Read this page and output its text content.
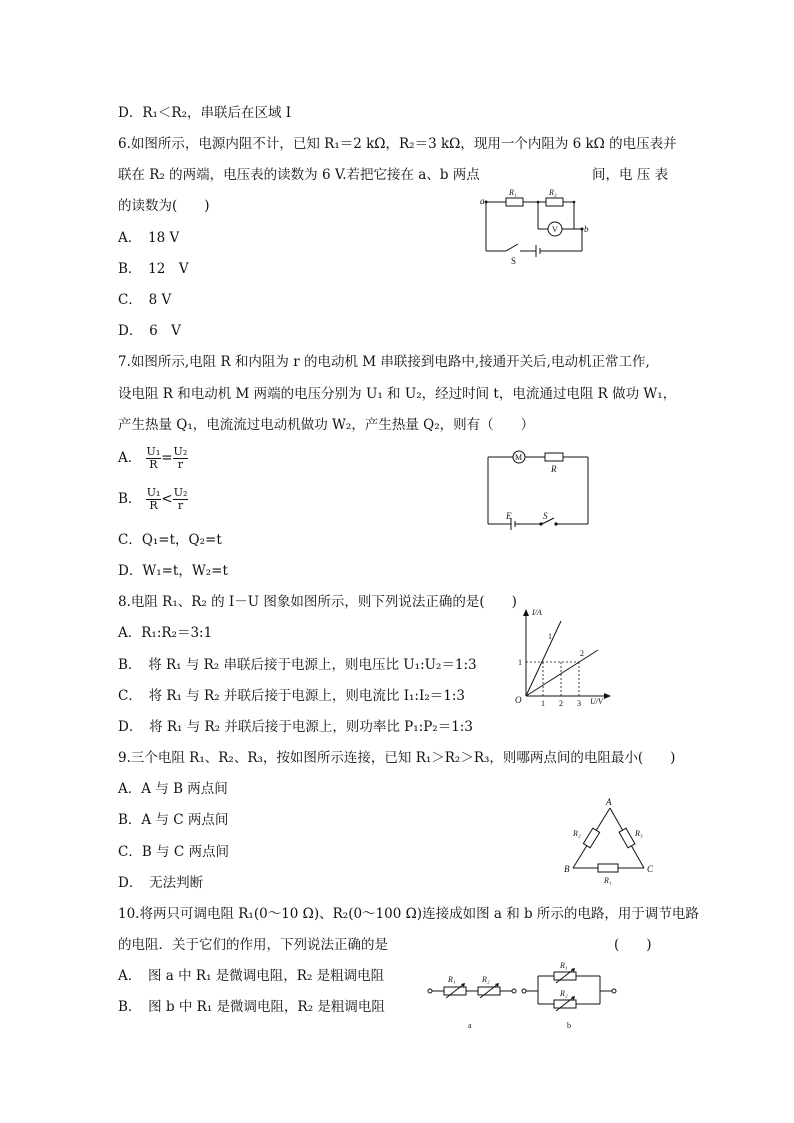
D．R₁＜R₂，串联后在区域 I
6.如图所示，电源内阻不计，已知 R₁＝2 kΩ，R₂＝3 kΩ，现用一个内阻为 6 kΩ 的电压表并
联在 R₂ 的两端，电压表的读数为 6 V.若把它接在 a、b 两点	间，电 压 表
的读数为(　　)
A．　18 V
B．　12　V
C．　8 V
D．　6　V
7.如图所示,电阻 R 和内阻为 r 的电动机 M 串联接到电路中,接通开关后,电动机正常工作,
设电阻 R 和电动机 M 两端的电压分别为 U₁ 和 U₂，经过时间 t，电流通过电阻 R 做功 W₁，
产生热量 Q₁，电流流过电动机做功 W₂，产生热量 Q₂，则有（　　）
A． $\frac{\text{U₁}}{R} = \frac{\text{U₂}}{r}$
B． $\frac{\text{U₁}}{R} < \frac{\text{U₂}}{r}$
C．Q₁=t，Q₂=t
D．W₁=t，W₂=t
8.电阻 R₁、R₂ 的 I－U 图象如图所示，则下列说法正确的是(　　)
A．R₁:R₂＝3:1
B．　将 R₁ 与 R₂ 串联后接于电源上，则电压比 U₁:U₂＝1:3
C．　将 R₁ 与 R₂ 并联后接于电源上，则电流比 I₁:I₂＝1:3
D．　将 R₁ 与 R₂ 并联后接于电源上，则功率比 P₁:P₂＝1:3
9.三个电阻 R₁、R₂、R₃，按如图所示连接，已知 R₁＞R₂＞R₃，则哪两点间的电阻最小(　　)
A．A 与 B 两点间
B．A 与 C 两点间
C．B 与 C 两点间
D．　无法判断
10.将两只可调电阻 R₁(0～10 Ω)、R₂(0～100 Ω)连接成如图 a 和 b 所示的电路，用于调节电路
的电阻．关于它们的作用，下列说法正确的是	(　　)
A．　图 a 中 R₁ 是微调电阻，R₂ 是粗调电阻
B．　图 b 中 R₁ 是微调电阻，R₂ 是粗调电阻
a
b
R₁	R₂
V
S
M
R
E	S
I/A
U/V
O
1
1 2 3
1
2
A
B	C
R₂	R₃
R₁
R₁	R₂
R₁
R₂
a	b
